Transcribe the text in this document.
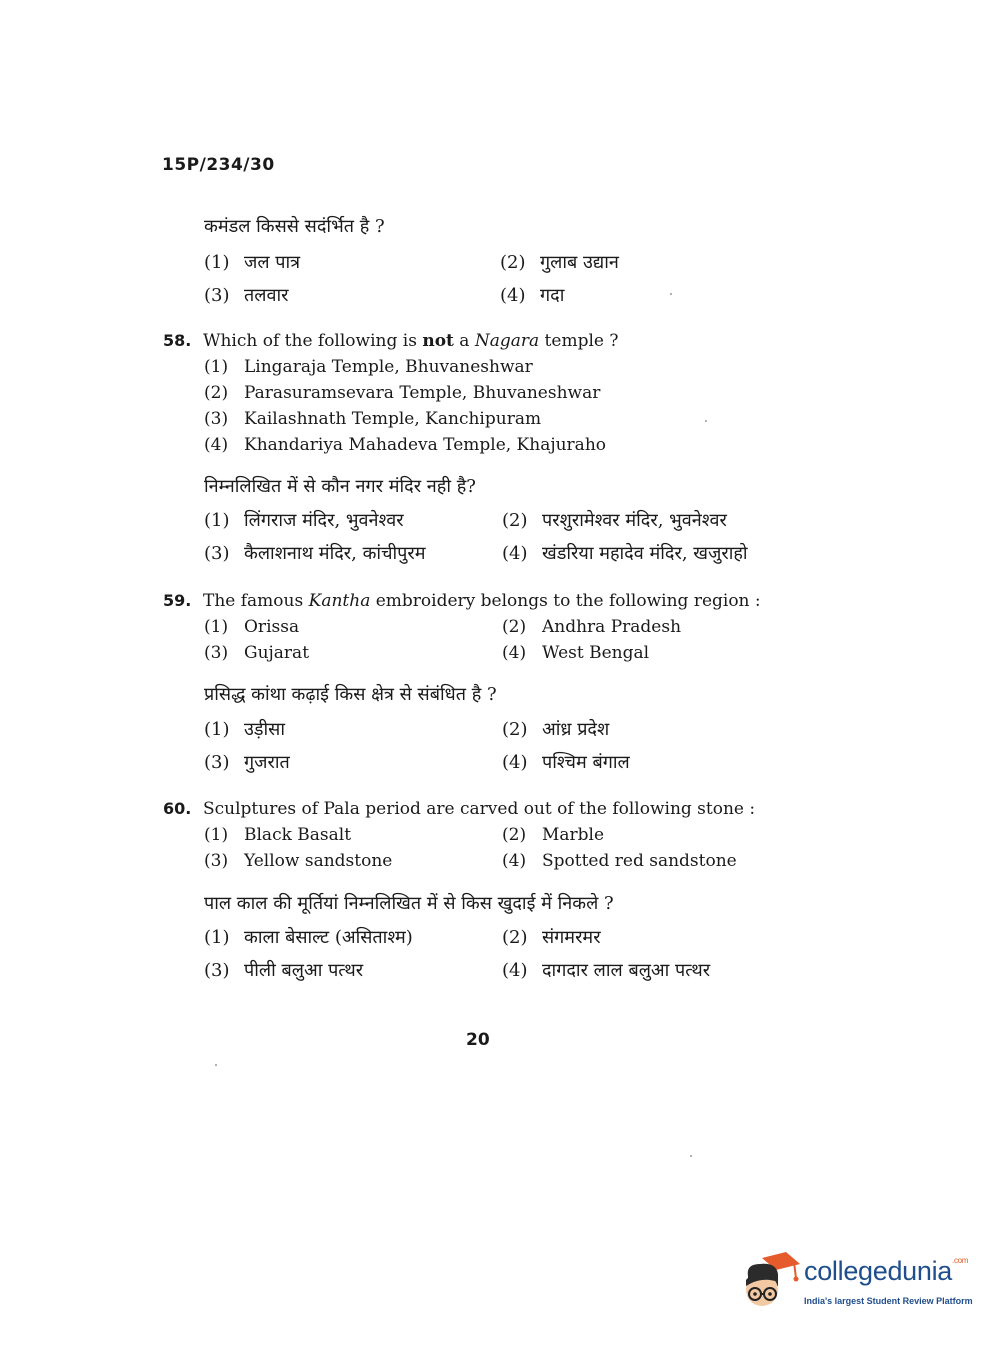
15P/234/30
कमंडल किससे सदंर्भित है ?
(1) जल पात्र	(2) गुलाब उद्यान
(3) तलवार	(4) गदा
58. Which of the following is not a Nagara temple ?
(1) Lingaraja Temple, Bhuvaneshwar
(2) Parasuramsevara Temple, Bhuvaneshwar
(3) Kailashnath Temple, Kanchipuram
(4) Khandariya Mahadeva Temple, Khajuraho
निम्नलिखित में से कौन नगर मंदिर नही है?
(1) लिंगराज मंदिर, भुवनेश्वर	(2) परशुरामेश्वर मंदिर, भुवनेश्वर
(3) कैलाशनाथ मंदिर, कांचीपुरम	(4) खंडरिया महादेव मंदिर, खजुराहो
59. The famous Kantha embroidery belongs to the following region :
(1) Orissa	(2) Andhra Pradesh
(3) Gujarat	(4) West Bengal
प्रसिद्ध कांथा कढ़ाई किस क्षेत्र से संबंधित है ?
(1) उड़ीसा	(2) आंध्र प्रदेश
(3) गुजरात	(4) पश्चिम बंगाल
60. Sculptures of Pala period are carved out of the following stone :
(1) Black Basalt	(2) Marble
(3) Yellow sandstone	(4) Spotted red sandstone
पाल काल की मूर्तियां निम्नलिखित में से किस खुदाई में निकले ?
(1) काला बेसाल्ट (असिताश्म)	(2) संगमरमर
(3) पीली बलुआ पत्थर	(4) दागदार लाल बलुआ पत्थर
20
collegedunia$^{.com}$
India's largest Student Review Platform
